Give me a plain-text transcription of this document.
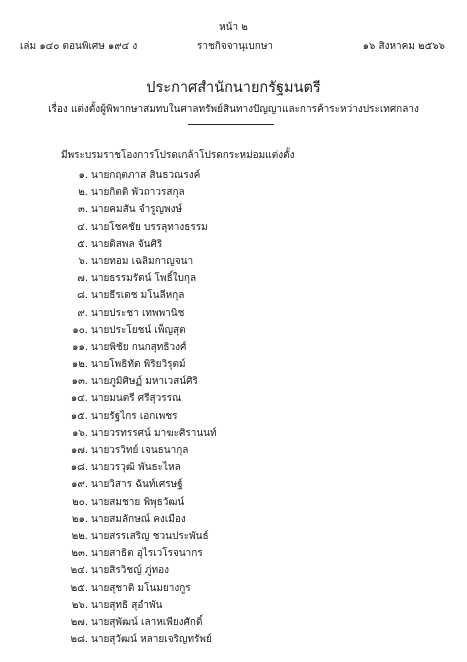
หน้า ๒
เล่ม ๑๔๐ ตอนพิเศษ ๑๙๔ ง	ราชกิจจานุเบกษา	๑๖ สิงหาคม ๒๕๖๖
ประกาศสำนักนายกรัฐมนตรี
เรื่อง แต่งตั้งผู้พิพากษาสมทบในศาลทรัพย์สินทางปัญญาและการค้าระหว่างประเทศกลาง
มีพระบรมราชโองการโปรดเกล้าโปรดกระหม่อมแต่งตั้ง
๑. นายกฤตภาส สินธวณรงค์
๒. นายกิตติ พัวถาวรสกุล
๓. นายคมสัน จำรูญพงษ์
๔. นายโชคชัย บรรลุทางธรรม
๕. นายดิสพล จันศิริ
๖. นายทอม เฉลิมกาญจนา
๗. นายธรรมรัตน์ โพธิ์ใบกุล
๘. นายธีรเดช มโนลีหกุล
๙. นายประชา เทพพานิช
๑๐. นายประโยชน์ เพ็ญสุต
๑๑. นายพิชัย กนกสุทธิวงศ์
๑๒. นายโพธิทัต พิริยวิรุตม์
๑๓. นายภูมิศิษฏ์ มหาเวสน์ศิริ
๑๔. นายมนตรี ศรีสุวรรณ
๑๕. นายรัฐไกร เอกเพชร
๑๖. นายวรทรรศน์ มาฆะศิรานนท์
๑๗. นายวรวิทย์ เจนธนากุล
๑๘. นายวรวุฒิ พันธะไหล
๑๙. นายวิสาร ฉันท์เศรษฐ์
๒๐. นายสมชาย พิพุธวัฒน์
๒๑. นายสมลักษณ์ คงเมือง
๒๒. นายสรรเสริญ ชวนประพันธ์
๒๓. นายสาธิต อุไรเวโรจนากร
๒๔. นายสิรวิชญ์ ภู่ทอง
๒๕. นายสุชาติ มโนมยางกูร
๒๖. นายสุทธิ สุอำพัน
๒๗. นายสุพัฒน์ เลาหเพียงศักดิ์
๒๘. นายสุวัฒน์ หลายเจริญทรัพย์
